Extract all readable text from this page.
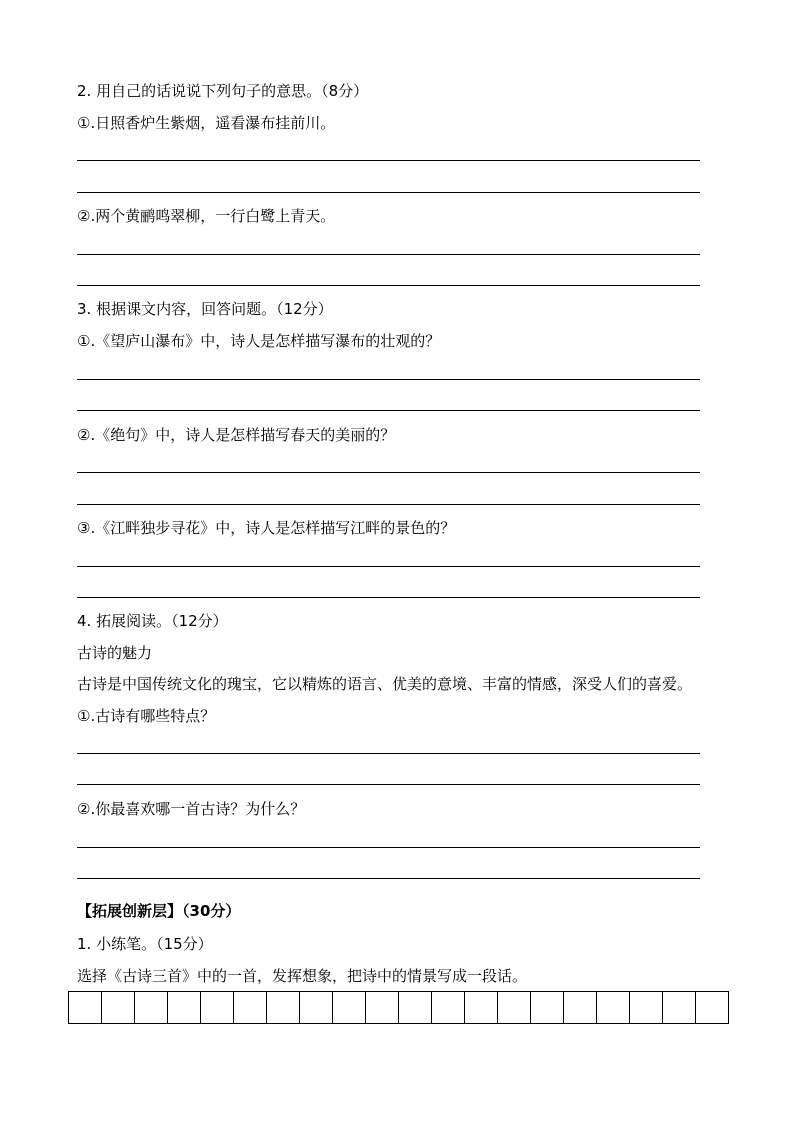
2. 用自己的话说说下列句子的意思。（8分）
①.日照香炉生紫烟，遥看瀑布挂前川。
②.两个黄鹂鸣翠柳，一行白鹭上青天。
3. 根据课文内容，回答问题。（12分）
①.《望庐山瀑布》中，诗人是怎样描写瀑布的壮观的？
②.《绝句》中，诗人是怎样描写春天的美丽的？
③.《江畔独步寻花》中，诗人是怎样描写江畔的景色的？
4. 拓展阅读。（12分）
古诗的魅力
古诗是中国传统文化的瑰宝，它以精炼的语言、优美的意境、丰富的情感，深受人们的喜爱。
①.古诗有哪些特点？
②.你最喜欢哪一首古诗？为什么？
【拓展创新层】（30分）
1. 小练笔。（15分）
选择《古诗三首》中的一首，发挥想象，把诗中的情景写成一段话。
